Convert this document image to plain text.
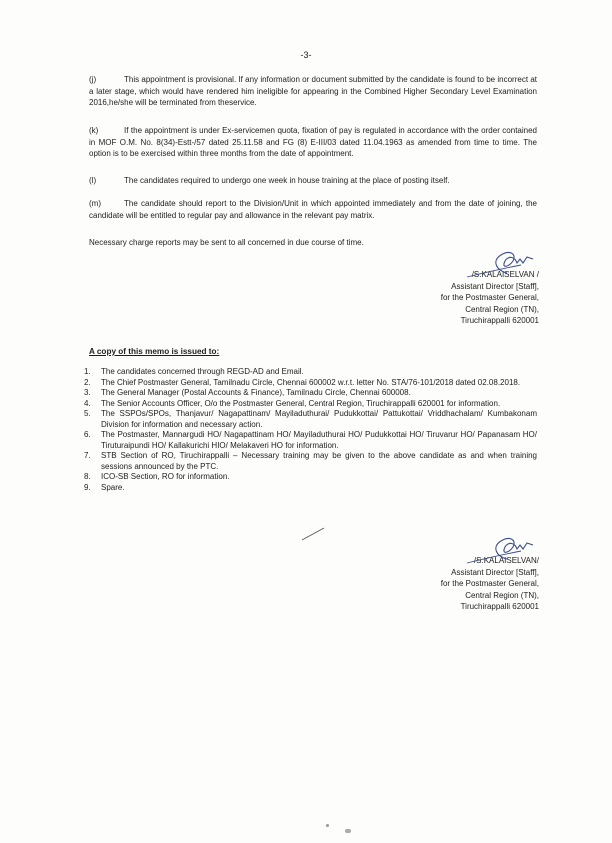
-3-
(j)	This appointment is provisional. If any information or document submitted by the candidate is found to be incorrect at a later stage, which would have rendered him ineligible for appearing in the Combined Higher Secondary Level Examination 2016,he/she will be terminated from theservice.
(k)	If the appointment is under Ex-servicemen quota, fixation of pay is regulated in accordance with the order contained in MOF O.M. No. 8(34)-Estt-/57 dated 25.11.58 and FG (8) E-III/03 dated 11.04.1963 as amended from time to time. The option is to be exercised within three months from the date of appointment.
(l)	The candidates required to undergo one week in house training at the place of posting itself.
(m)	The candidate should report to the Division/Unit in which appointed immediately and from the date of joining, the candidate will be entitled to regular pay and allowance in the relevant pay matrix.
Necessary charge reports may be sent to all concerned in due course of time.
/S.KALAISELVAN /
Assistant Director [Staff],
for the Postmaster General,
Central Region (TN),
Tiruchirappalli 620001
A copy of this memo is issued to:
1. The candidates concerned through REGD-AD and Email.
2. The Chief Postmaster General, Tamilnadu Circle, Chennai 600002 w.r.t. letter No. STA/76-101/2018 dated 02.08.2018.
3. The General Manager (Postal Accounts & Finance), Tamilnadu Circle, Chennai 600008.
4. The Senior Accounts Officer, O/o the Postmaster General, Central Region, Tiruchirappalli 620001 for information.
5. The SSPOs/SPOs, Thanjavur/ Nagapattinam/ Mayiladuthurai/ Pudukkottai/ Pattukottai/ Vriddhachalam/ Kumbakonam Division for information and necessary action.
6. The Postmaster, Mannargudi HO/ Nagapattinam HO/ Mayiladuthurai HO/ Pudukkottai HO/ Tiruvarur HO/ Papanasam HO/ Tiruturaipundi HO/ Kallakurichi HIO/ Melakaveri HO for information.
7. STB Section of RO, Tiruchirappalli – Necessary training may be given to the above candidate as and when training sessions announced by the PTC.
8. ICO-SB Section, RO for information.
9. Spare.
/S.KALAISELVAN/
Assistant Director [Staff],
for the Postmaster General,
Central Region (TN),
Tiruchirappalli 620001
